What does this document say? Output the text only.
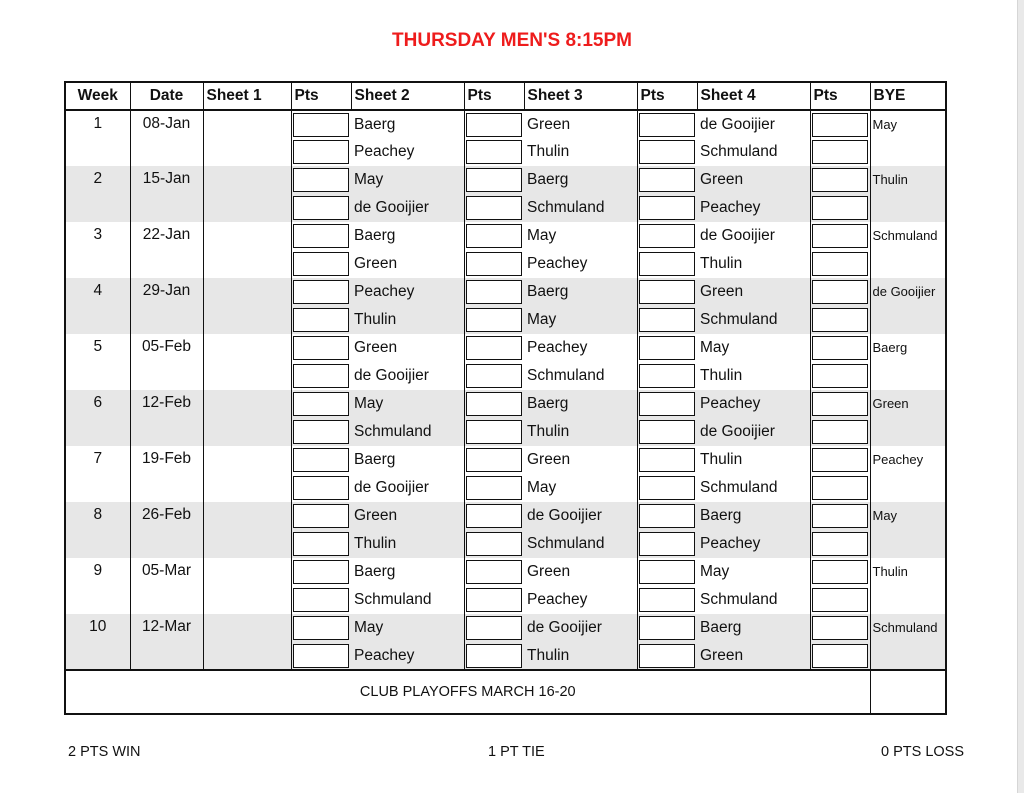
THURSDAY MEN'S 8:15PM
Week	Date	Sheet 1	Pts	Sheet 2	Pts	Sheet 3	Pts	Sheet 4	Pts	BYE
1	08-Jan			Baerg		Green		de Gooijier		May

				Peachey		Thulin		Schmuland		

2	15-Jan			May		Baerg		Green		Thulin

				de Gooijier		Schmuland		Peachey		

3	22-Jan			Baerg		May		de Gooijier		Schmuland

				Green		Peachey		Thulin		

4	29-Jan			Peachey		Baerg		Green		de Gooijier

				Thulin		May		Schmuland		

5	05-Feb			Green		Peachey		May		Baerg

				de Gooijier		Schmuland		Thulin		

6	12-Feb			May		Baerg		Peachey		Green

				Schmuland		Thulin		de Gooijier		

7	19-Feb			Baerg		Green		Thulin		Peachey

				de Gooijier		May		Schmuland		

8	26-Feb			Green		de Gooijier		Baerg		May

				Thulin		Schmuland		Peachey		

9	05-Mar			Baerg		Green		May		Thulin

				Schmuland		Peachey		Schmuland		

10	12-Mar			May		de Gooijier		Baerg		Schmuland

				Peachey		Thulin		Green		

CLUB PLAYOFFS MARCH 16-20										
2 PTS WIN	1 PT TIE	0 PTS LOSS
